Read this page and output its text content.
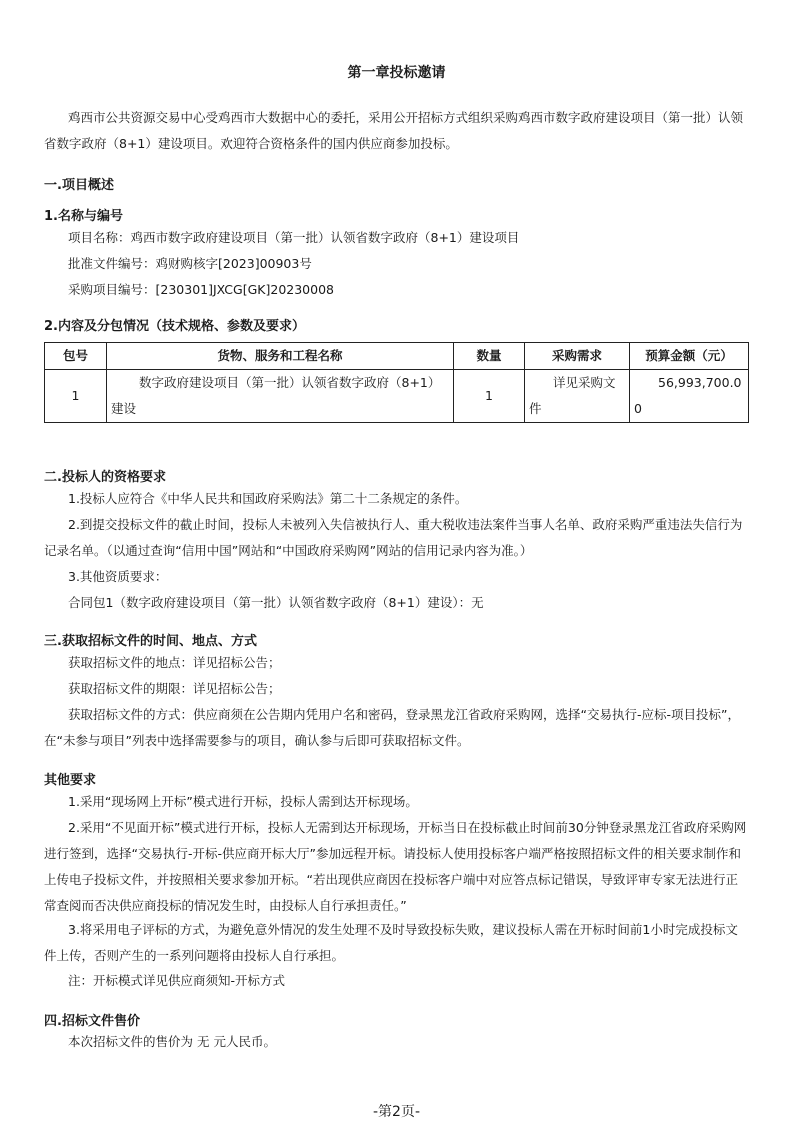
第一章投标邀请
鸡西市公共资源交易中心受鸡西市大数据中心的委托，采用公开招标方式组织采购鸡西市数字政府建设项目（第一批）认领省数字政府（8+1）建设项目。欢迎符合资格条件的国内供应商参加投标。
一.项目概述
1.名称与编号
项目名称：鸡西市数字政府建设项目（第一批）认领省数字政府（8+1）建设项目
批准文件编号：鸡财购核字[2023]00903号
采购项目编号：[230301]JXCG[GK]20230008
2.内容及分包情况（技术规格、参数及要求）
包号	货物、服务和工程名称	数量	采购需求	预算金额（元）
1	数字政府建设项目（第一批）认领省数字政府（8+1）建设	1	详见采购文件	56,993,700.00
二.投标人的资格要求
1.投标人应符合《中华人民共和国政府采购法》第二十二条规定的条件。
2.到提交投标文件的截止时间，投标人未被列入失信被执行人、重大税收违法案件当事人名单、政府采购严重违法失信行为记录名单。（以通过查询“信用中国”网站和“中国政府采购网”网站的信用记录内容为准。）
3.其他资质要求：
合同包1（数字政府建设项目（第一批）认领省数字政府（8+1）建设）：无
三.获取招标文件的时间、地点、方式
获取招标文件的地点：详见招标公告；
获取招标文件的期限：详见招标公告；
获取招标文件的方式：供应商须在公告期内凭用户名和密码，登录黑龙江省政府采购网，选择“交易执行-应标-项目投标”，在“未参与项目”列表中选择需要参与的项目，确认参与后即可获取招标文件。
其他要求
1.采用“现场网上开标”模式进行开标，投标人需到达开标现场。
2.采用“不见面开标”模式进行开标，投标人无需到达开标现场，开标当日在投标截止时间前30分钟登录黑龙江省政府采购网进行签到，选择“交易执行-开标-供应商开标大厅”参加远程开标。请投标人使用投标客户端严格按照招标文件的相关要求制作和上传电子投标文件，并按照相关要求参加开标。“若出现供应商因在投标客户端中对应答点标记错误，导致评审专家无法进行正常查阅而否决供应商投标的情况发生时，由投标人自行承担责任。”
3.将采用电子评标的方式，为避免意外情况的发生处理不及时导致投标失败，建议投标人需在开标时间前1小时完成投标文件上传，否则产生的一系列问题将由投标人自行承担。
注：开标模式详见供应商须知-开标方式
四.招标文件售价
本次招标文件的售价为 无 元人民币。
-第2页-
